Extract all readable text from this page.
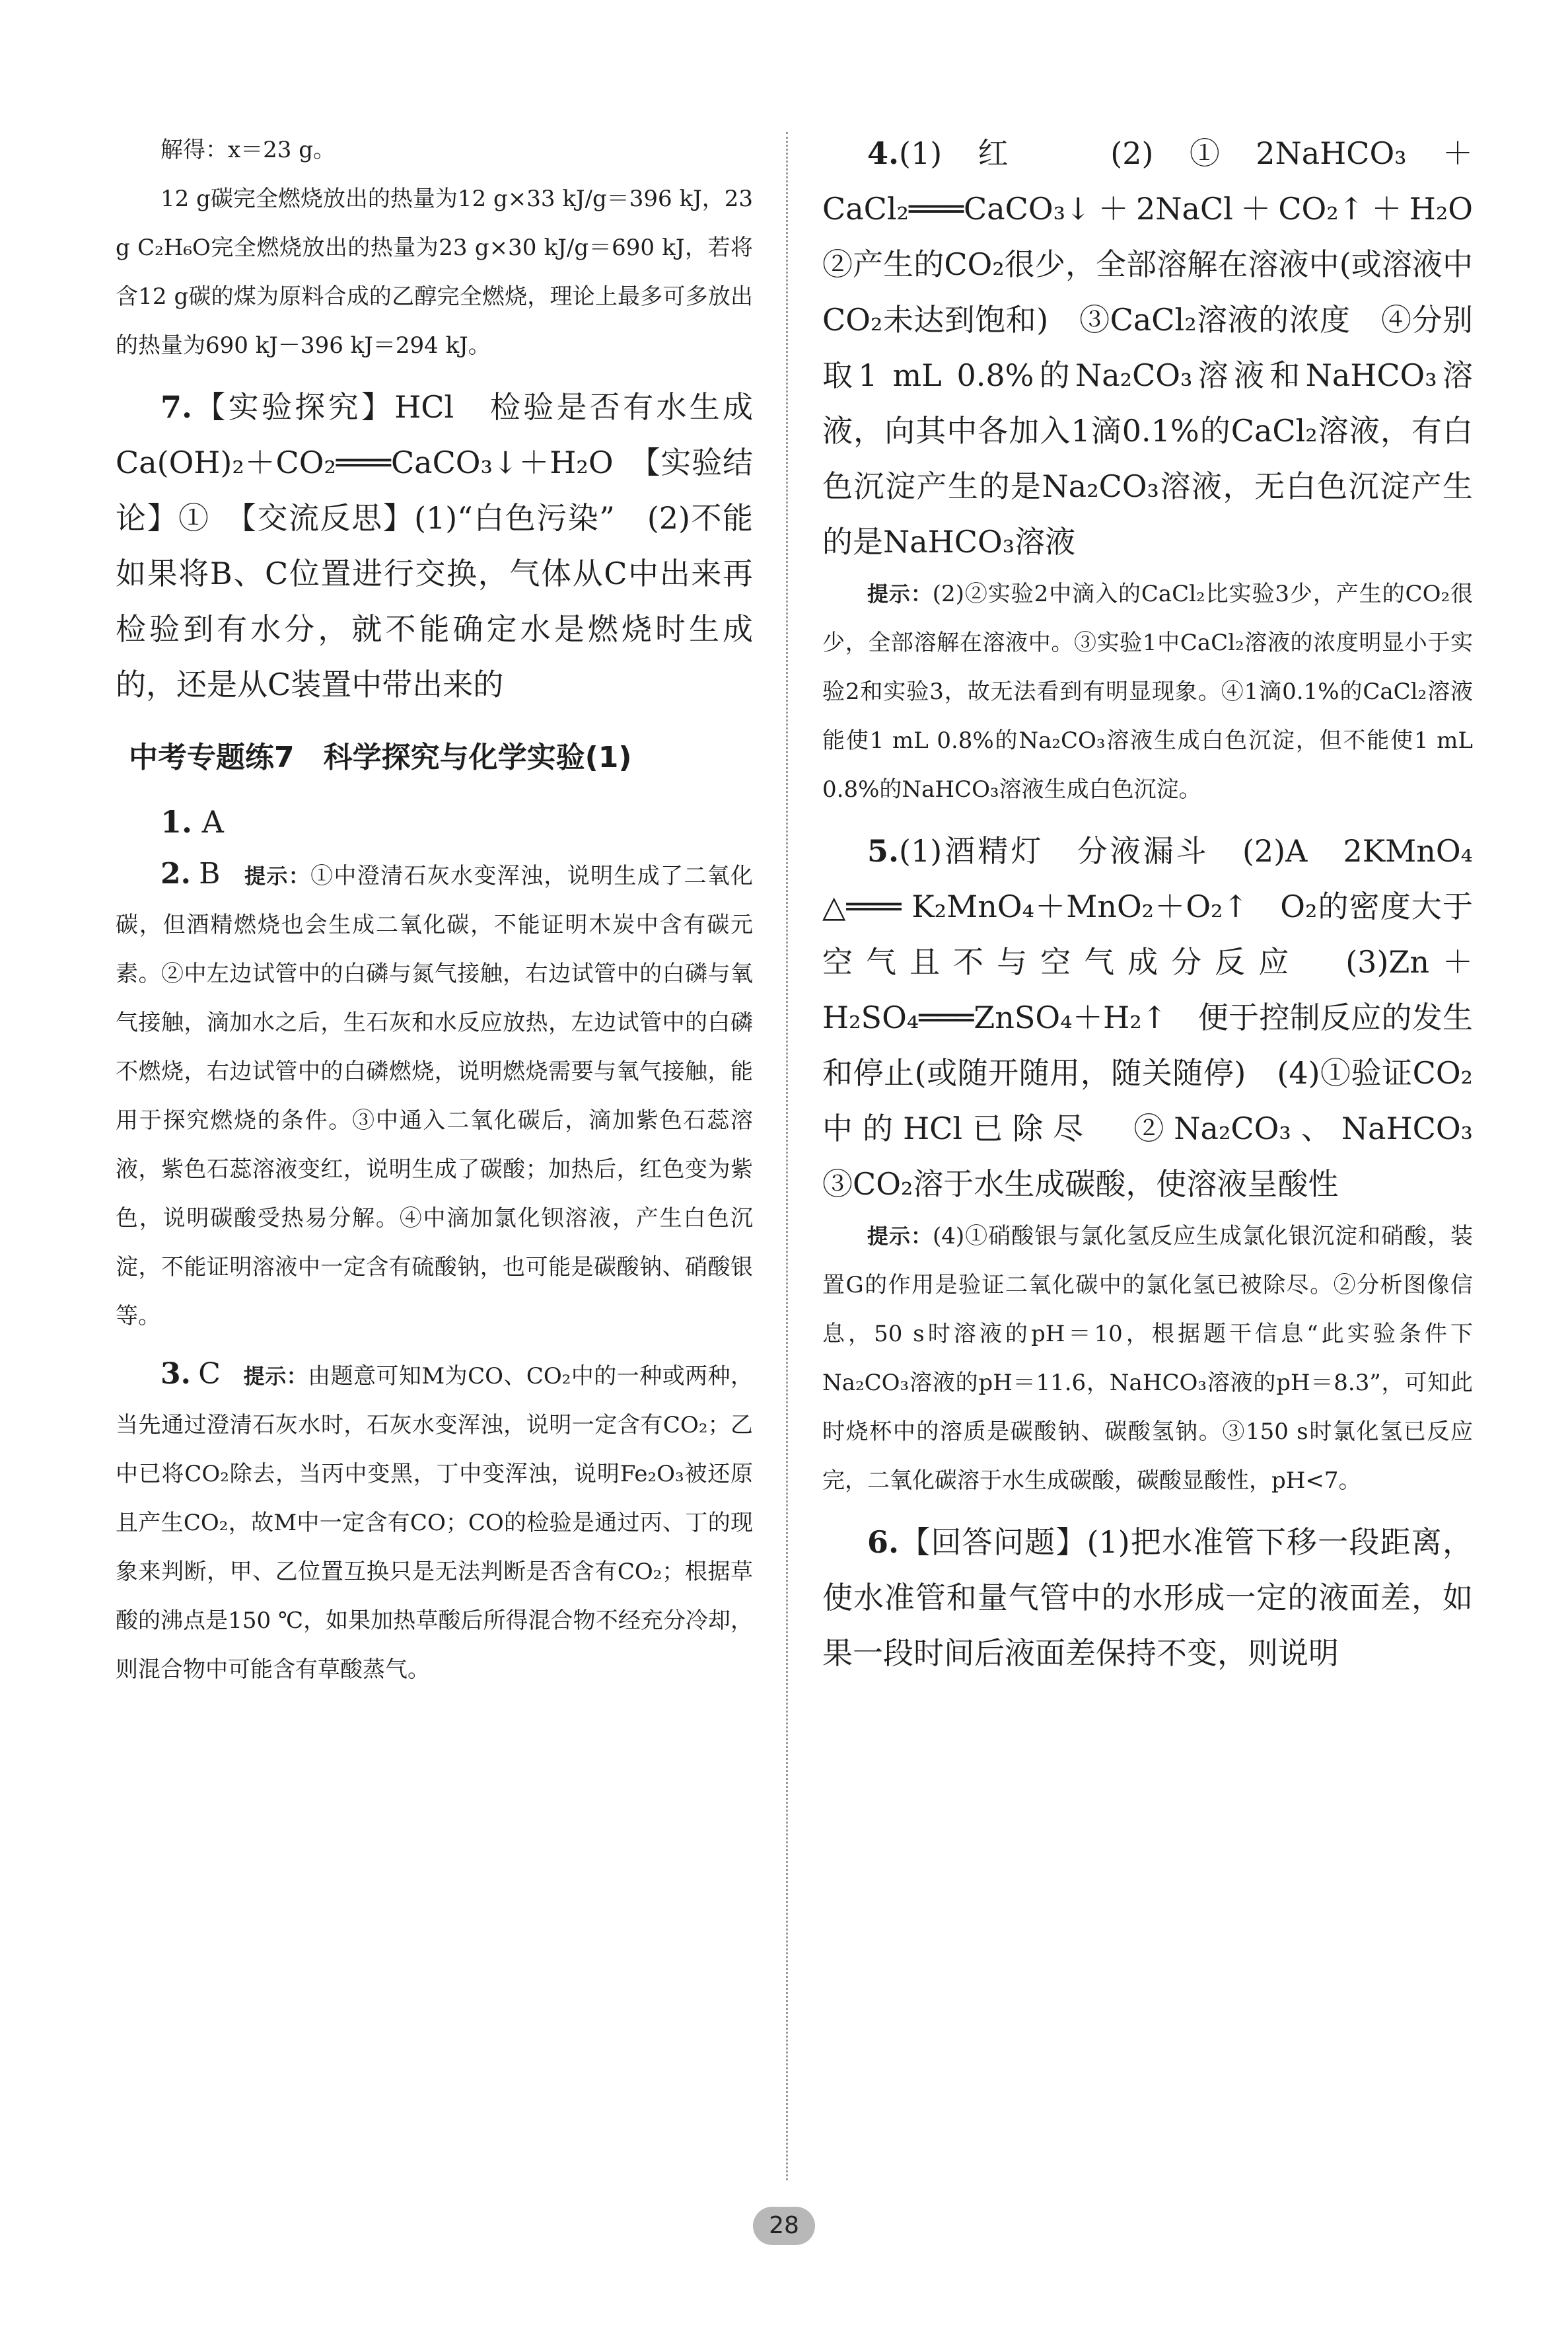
解得：x＝23 g。

12 g碳完全燃烧放出的热量为12 g×33 kJ/g＝396 kJ，23 g C₂H₆O完全燃烧放出的热量为23 g×30 kJ/g＝690 kJ，若将含12 g碳的煤为原料合成的乙醇完全燃烧，理论上最多可多放出的热量为690 kJ－396 kJ＝294 kJ。

7.【实验探究】HCl　检验是否有水生成　Ca(OH)₂＋CO₂═══CaCO₃↓＋H₂O　【实验结论】①　【交流反思】(1)“白色污染”　(2)不能　如果将B、C位置进行交换，气体从C中出来再检验到有水分，就不能确定水是燃烧时生成的，还是从C装置中带出来的

中考专题练7　科学探究与化学实验(1)

1. A

2. B　 提示：①中澄清石灰水变浑浊，说明生成了二氧化碳，但酒精燃烧也会生成二氧化碳，不能证明木炭中含有碳元素。②中左边试管中的白磷与氮气接触，右边试管中的白磷与氧气接触，滴加水之后，生石灰和水反应放热，左边试管中的白磷不燃烧，右边试管中的白磷燃烧，说明燃烧需要与氧气接触，能用于探究燃烧的条件。③中通入二氧化碳后，滴加紫色石蕊溶液，紫色石蕊溶液变红，说明生成了碳酸；加热后，红色变为紫色，说明碳酸受热易分解。④中滴加氯化钡溶液，产生白色沉淀，不能证明溶液中一定含有硫酸钠，也可能是碳酸钠、硝酸银等。

3. C　 提示：由题意可知M为CO、CO₂中的一种或两种，当先通过澄清石灰水时，石灰水变浑浊，说明一定含有CO₂；乙中已将CO₂除去，当丙中变黑，丁中变浑浊，说明Fe₂O₃被还原且产生CO₂，故M中一定含有CO；CO的检验是通过丙、丁的现象来判断，甲、乙位置互换只是无法判断是否含有CO₂；根据草酸的沸点是150 ℃，如果加热草酸后所得混合物不经充分冷却，则混合物中可能含有草酸蒸气。

4.(1)红　(2)①2NaHCO₃＋CaCl₂═══CaCO₃↓＋2NaCl＋CO₂↑＋H₂O　②产生的CO₂很少，全部溶解在溶液中(或溶液中CO₂未达到饱和)　③CaCl₂溶液的浓度　④分别取1 mL 0.8%的Na₂CO₃溶液和NaHCO₃溶液，向其中各加入1滴0.1%的CaCl₂溶液，有白色沉淀产生的是Na₂CO₃溶液，无白色沉淀产生的是NaHCO₃溶液

提示：(2)②实验2中滴入的CaCl₂比实验3少，产生的CO₂很少，全部溶解在溶液中。③实验1中CaCl₂溶液的浓度明显小于实验2和实验3，故无法看到有明显现象。④1滴0.1%的CaCl₂溶液能使1 mL 0.8%的Na₂CO₃溶液生成白色沉淀，但不能使1 mL 0.8%的NaHCO₃溶液生成白色沉淀。

5.(1)酒精灯　分液漏斗　(2)A　2KMnO₄ △═══ K₂MnO₄＋MnO₂＋O₂↑　O₂的密度大于空气且不与空气成分反应　(3)Zn＋H₂SO₄═══ZnSO₄＋H₂↑　便于控制反应的发生和停止(或随开随用，随关随停)　(4)①验证CO₂中的HCl已除尽　②Na₂CO₃、NaHCO₃　③CO₂溶于水生成碳酸，使溶液呈酸性

提示：(4)①硝酸银与氯化氢反应生成氯化银沉淀和硝酸，装置G的作用是验证二氧化碳中的氯化氢已被除尽。②分析图像信息，50 s时溶液的pH＝10，根据题干信息“此实验条件下Na₂CO₃溶液的pH＝11.6，NaHCO₃溶液的pH＝8.3”，可知此时烧杯中的溶质是碳酸钠、碳酸氢钠。③150 s时氯化氢已反应完，二氧化碳溶于水生成碳酸，碳酸显酸性，pH<7。

6.【回答问题】(1)把水准管下移一段距离，使水准管和量气管中的水形成一定的液面差，如果一段时间后液面差保持不变，则说明

28
